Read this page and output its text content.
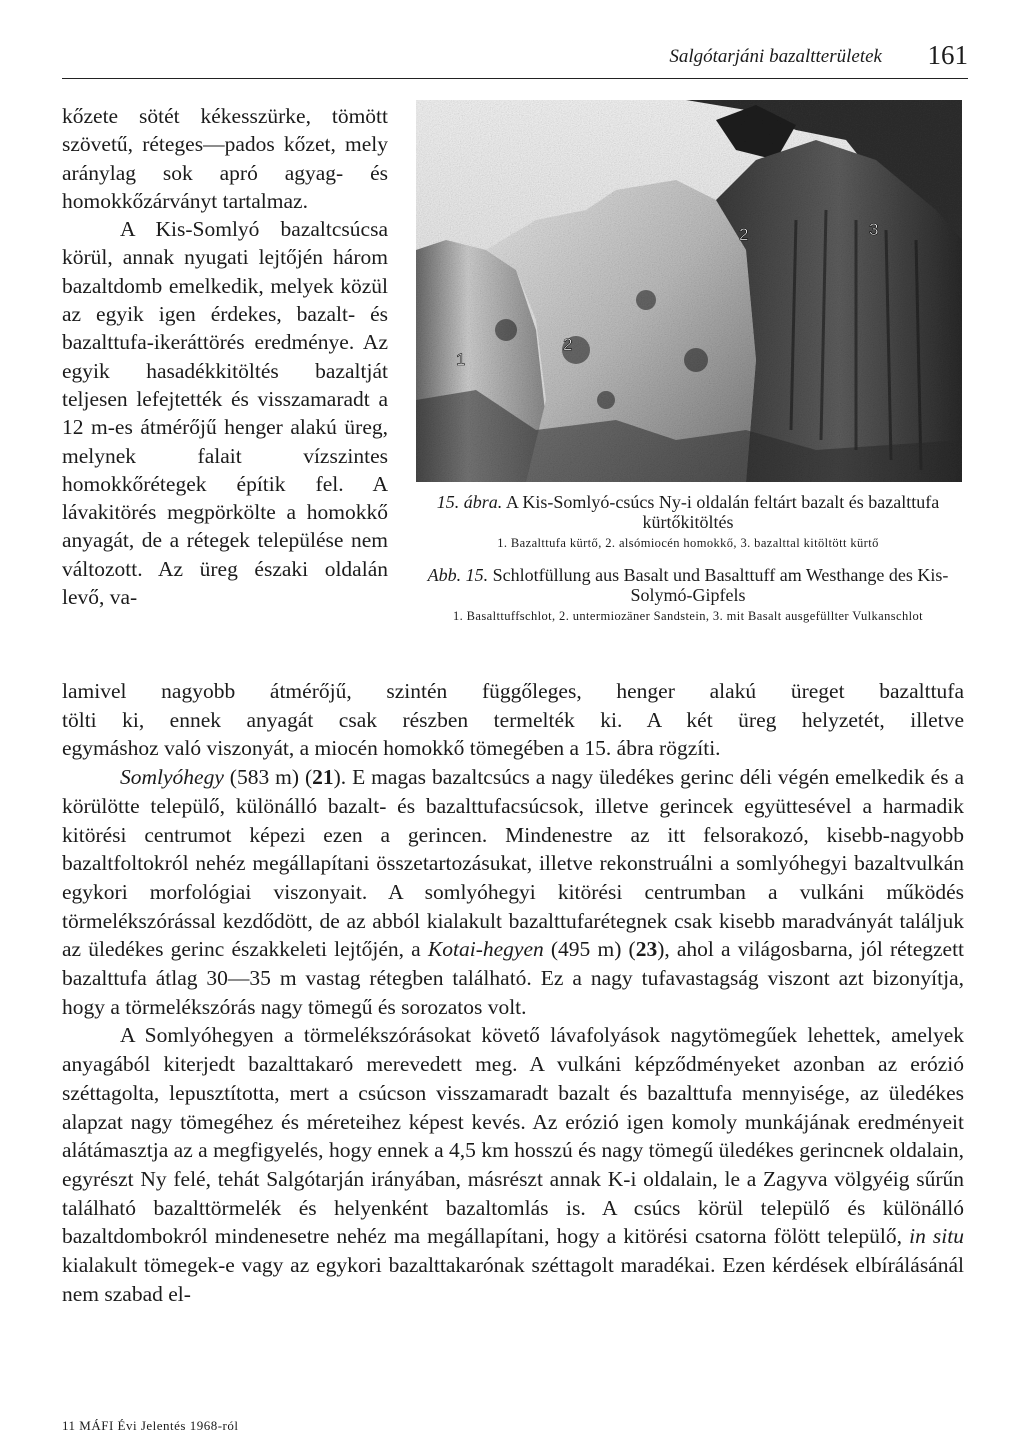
Salgótarjáni bazaltterületek 161

kőzete sötét kékesszürke, tömött szövetű, réteges—pados kőzet, mely aránylag sok apró agyag- és homokkőzárványt tartalmaz.

A Kis-Somlyó bazaltcsúcsa körül, annak nyugati lejtőjén három bazaltdomb emelkedik, melyek közül az egyik igen érdekes, bazalt- és bazalttufa-ikeráttörés eredménye. Az egyik hasadékkitöltés bazaltját teljesen lefejtették és visszamaradt a 12 m-es átmérőjű henger alakú üreg, melynek falait vízszintes homokkőrétegek építik fel. A lávakitörés megpörkölte a homokkő anyagát, de a rétegek településе nem változott. Az üreg északi oldalán levő, va-

1
2
2	3

15. ábra. A Kis-Somlyó-csúcs Ny-i oldalán feltárt bazalt és bazalttufa kürtőkitöltés

1. Bazalttufa kürtő, 2. alsómiocén homokkő, 3. bazalttal kitöltött kürtő

Abb. 15. Schlotfüllung aus Basalt und Basalttuff am Westhange des Kis-Solymó-Gipfels

1. Basalttuffschlot, 2. untermiozäner Sandstein, 3. mit Basalt ausgefüllter Vulkanschlot

lamivel nagyobb átmérőjű, szintén függőleges, henger alakú üreget bazalttufa
tölti ki, ennek anyagát csak részben termelték ki. A két üreg helyzetét, illetve
egymáshoz való viszonyát, a miocén homokkő tömegében a 15. ábra rögzíti.

Somlyóhegy (583 m) (21). E magas bazaltcsúcs a nagy üledékes gerinc déli végén emelkedik és a körülötte települő, különálló bazalt- és bazalttufacsúcsok, illetve gerincek együttesével a harmadik kitörési centrumot képezi ezen a gerincen. Mindenestre az itt felsorakozó, kisebb-nagyobb bazaltfoltokról nehéz megállapítani összetartozásukat, illetve rekonstruálni a somlyóhegyi bazaltvulkán egykori morfológiai viszonyait. A somlyóhegyi kitörési centrumban a vulkáni működés törmelékszórással kezdődött, de az abból kialakult bazalttufarétegnek csak kisebb maradványát találjuk az üledékes gerinc északkeleti lejtőjén, a Kotai-hegyen (495 m) (23), ahol a világosbarna, jól rétegzett bazalttufa átlag 30—35 m vastag rétegben található. Ez a nagy tufavastagság viszont azt bizonyítja, hogy a törmelékszórás nagy tömegű és sorozatos volt.

A Somlyóhegyen a törmelékszórásokat követő lávafolyások nagytömegűek lehettek, amelyek anyagából kiterjedt bazalttakaró merevedett meg. A vulkáni képződményeket azonban az erózió széttagolta, lepusztította, mert a csúcson visszamaradt bazalt és bazalttufa mennyisége, az üledékes alapzat nagy tömegéhez és méreteihez képest kevés. Az erózió igen komoly munkájának eredményeit alátámasztja az a megfigyelés, hogy ennek a 4,5 km hosszú és nagy tömegű üledékes gerincnek oldalain, egyrészt Ny felé, tehát Salgótarján irányában, másrészt annak K-i oldalain, le a Zagyva völgyéig sűrűn található bazalttörmelék és helyenként bazaltomlás is. A csúcs körül települő és különálló bazaltdombokról mindenesetre nehéz ma megállapítani, hogy a kitörési csatorna fölött települő, in situ kialakult tömegek-e vagy az egykori bazalttakarónak széttagolt maradékai. Ezen kérdések elbírálásánál nem szabad el-

11 MÁFI Évi Jelentés 1968-ról
